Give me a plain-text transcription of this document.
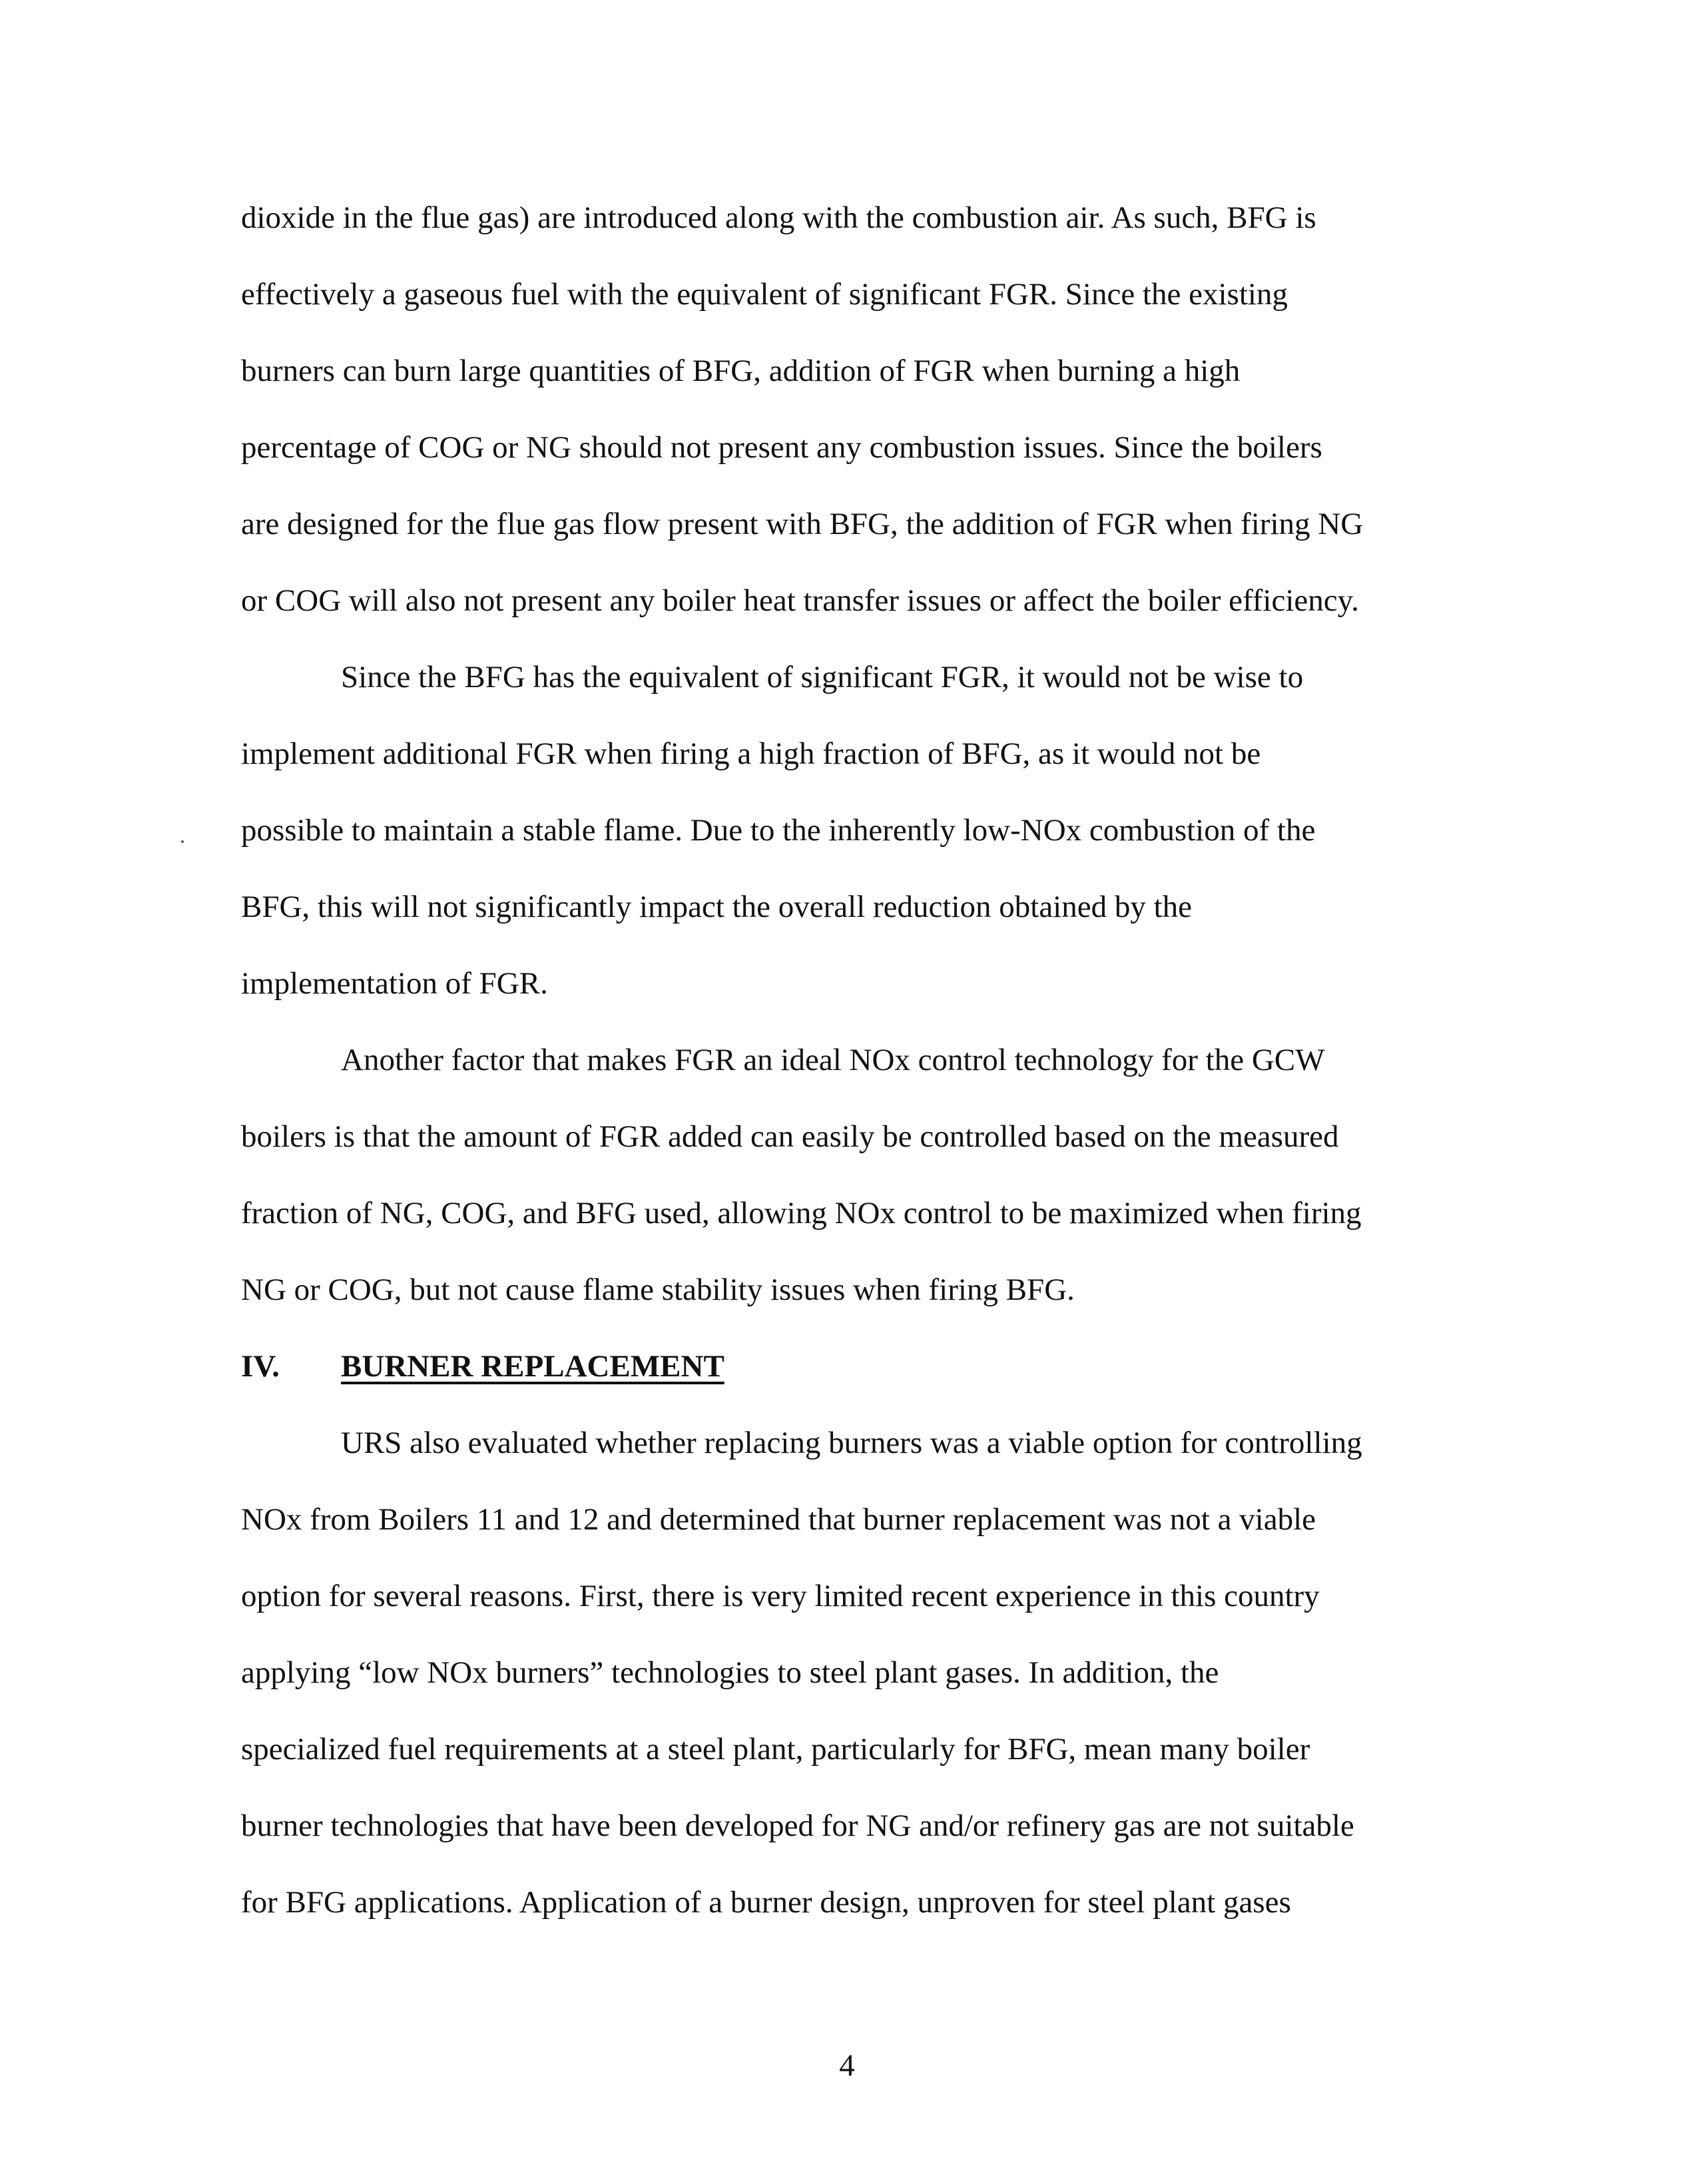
dioxide in the flue gas) are introduced along with the combustion air. As such, BFG is
effectively a gaseous fuel with the equivalent of significant FGR. Since the existing
burners can burn large quantities of BFG, addition of FGR when burning a high
percentage of COG or NG should not present any combustion issues. Since the boilers
are designed for the flue gas flow present with BFG, the addition of FGR when firing NG
or COG will also not present any boiler heat transfer issues or affect the boiler efficiency.
Since the BFG has the equivalent of significant FGR, it would not be wise to
implement additional FGR when firing a high fraction of BFG, as it would not be
possible to maintain a stable flame. Due to the inherently low-NOx combustion of the
BFG, this will not significantly impact the overall reduction obtained by the
implementation of FGR.
Another factor that makes FGR an ideal NOx control technology for the GCW
boilers is that the amount of FGR added can easily be controlled based on the measured
fraction of NG, COG, and BFG used, allowing NOx control to be maximized when firing
NG or COG, but not cause flame stability issues when firing BFG.
IV. BURNER REPLACEMENT
URS also evaluated whether replacing burners was a viable option for controlling
NOx from Boilers 11 and 12 and determined that burner replacement was not a viable
option for several reasons. First, there is very limited recent experience in this country
applying “low NOx burners” technologies to steel plant gases. In addition, the
specialized fuel requirements at a steel plant, particularly for BFG, mean many boiler
burner technologies that have been developed for NG and/or refinery gas are not suitable
for BFG applications. Application of a burner design, unproven for steel plant gases
4
